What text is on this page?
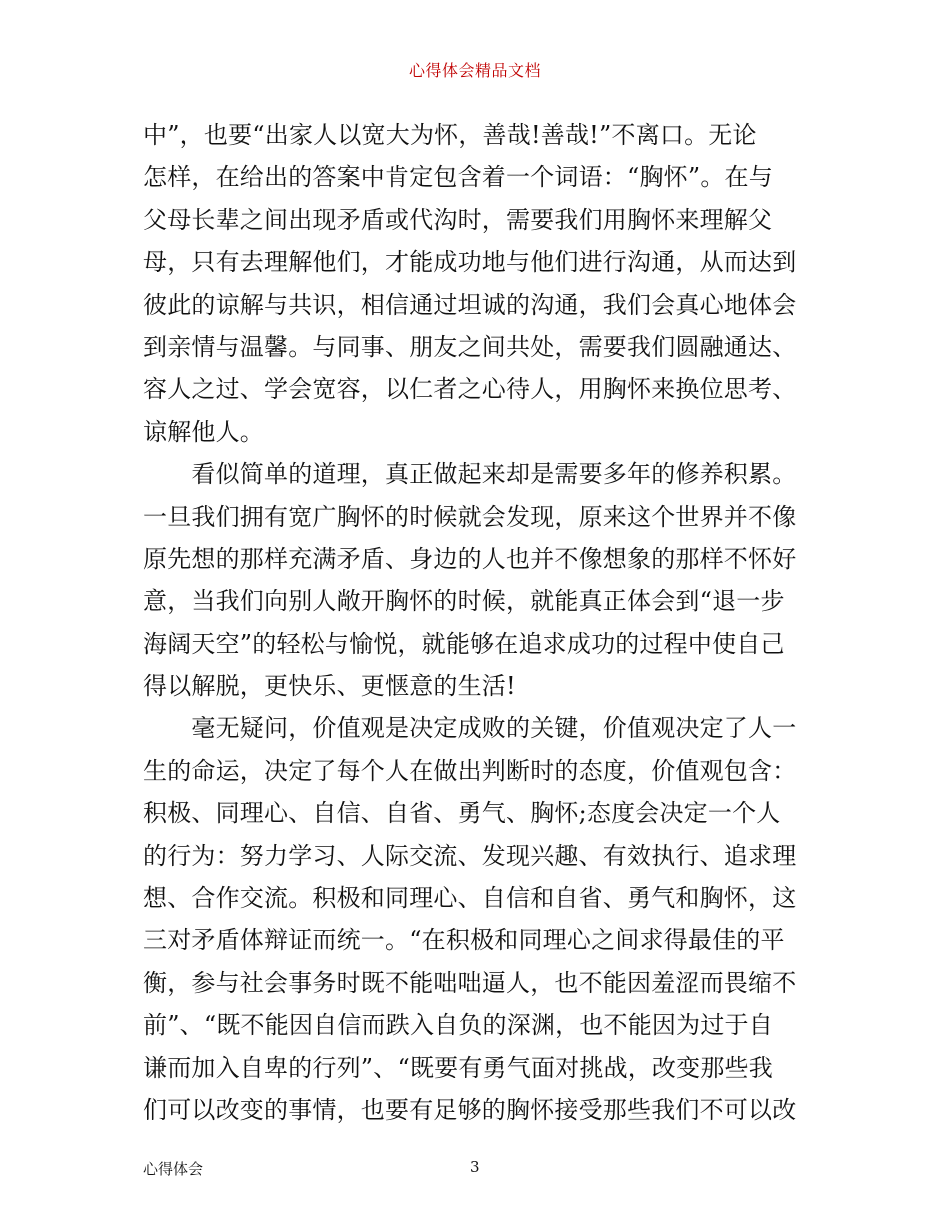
心得体会精品文档
中”，也要“出家人以宽大为怀，善哉!善哉!”不离口。无论
怎样，在给出的答案中肯定包含着一个词语：“胸怀”。在与
父母长辈之间出现矛盾或代沟时，需要我们用胸怀来理解父
母，只有去理解他们，才能成功地与他们进行沟通，从而达到
彼此的谅解与共识，相信通过坦诚的沟通，我们会真心地体会
到亲情与温馨。与同事、朋友之间共处，需要我们圆融通达、
容人之过、学会宽容，以仁者之心待人，用胸怀来换位思考、
谅解他人。
　　看似简单的道理，真正做起来却是需要多年的修养积累。
一旦我们拥有宽广胸怀的时候就会发现，原来这个世界并不像
原先想的那样充满矛盾、身边的人也并不像想象的那样不怀好
意，当我们向别人敞开胸怀的时候，就能真正体会到“退一步
海阔天空”的轻松与愉悦，就能够在追求成功的过程中使自己
得以解脱，更快乐、更惬意的生活!
　　毫无疑问，价值观是决定成败的关键，价值观决定了人一
生的命运，决定了每个人在做出判断时的态度，价值观包含：
积极、同理心、自信、自省、勇气、胸怀;态度会决定一个人
的行为：努力学习、人际交流、发现兴趣、有效执行、追求理
想、合作交流。积极和同理心、自信和自省、勇气和胸怀，这
三对矛盾体辩证而统一。“在积极和同理心之间求得最佳的平
衡，参与社会事务时既不能咄咄逼人，也不能因羞涩而畏缩不
前”、“既不能因自信而跌入自负的深渊，也不能因为过于自
谦而加入自卑的行列”、“既要有勇气面对挑战，改变那些我
们可以改变的事情，也要有足够的胸怀接受那些我们不可以改
心得体会	3
